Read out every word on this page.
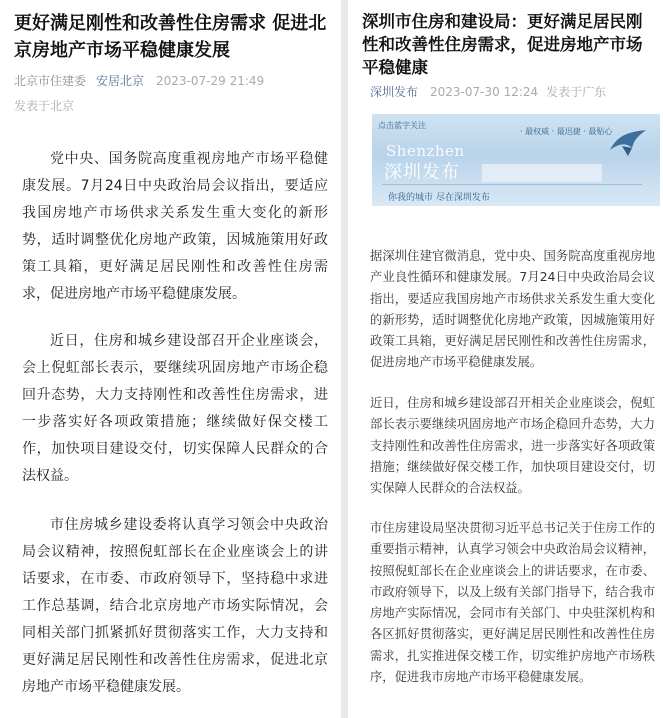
更好满足刚性和改善性住房需求 促进北京房地产市场平稳健康发展
北京市住建委 安居北京 2023-07-29 21:49
发表于北京
党中央、国务院高度重视房地产市场平稳健康发展。7月24日中央政治局会议指出，要适应我国房地产市场供求关系发生重大变化的新形势，适时调整优化房地产政策，因城施策用好政策工具箱，更好满足居民刚性和改善性住房需求，促进房地产市场平稳健康发展。
近日，住房和城乡建设部召开企业座谈会，会上倪虹部长表示，要继续巩固房地产市场企稳回升态势，大力支持刚性和改善性住房需求，进一步落实好各项政策措施；继续做好保交楼工作，加快项目建设交付，切实保障人民群众的合法权益。
市住房城乡建设委将认真学习领会中央政治局会议精神，按照倪虹部长在企业座谈会上的讲话要求，在市委、市政府领导下，坚持稳中求进工作总基调，结合北京房地产市场实际情况，会同相关部门抓紧抓好贯彻落实工作，大力支持和更好满足居民刚性和改善性住房需求，促进北京房地产市场平稳健康发展。
深圳市住房和建设局：更好满足居民刚性和改善性住房需求，促进房地产市场平稳健康
深圳发布 2023-07-30 12:24 发表于广东
点击蓝字关注
· 最权威 · 最迅捷 · 最贴心
Shenzhen
深圳发布
你我的城市 尽在深圳发布
据深圳住建官微消息，党中央、国务院高度重视房地产业良性循环和健康发展。7月24日中央政治局会议指出，要适应我国房地产市场供求关系发生重大变化的新形势，适时调整优化房地产政策，因城施策用好政策工具箱，更好满足居民刚性和改善性住房需求，促进房地产市场平稳健康发展。
近日，住房和城乡建设部召开相关企业座谈会，倪虹部长表示要继续巩固房地产市场企稳回升态势，大力支持刚性和改善性住房需求，进一步落实好各项政策措施；继续做好保交楼工作，加快项目建设交付，切实保障人民群众的合法权益。
市住房建设局坚决贯彻习近平总书记关于住房工作的重要指示精神，认真学习领会中央政治局会议精神，按照倪虹部长在企业座谈会上的讲话要求，在市委、市政府领导下，以及上级有关部门指导下，结合我市房地产实际情况，会同市有关部门、中央驻深机构和各区抓好贯彻落实，更好满足居民刚性和改善性住房需求，扎实推进保交楼工作，切实维护房地产市场秩序，促进我市房地产市场平稳健康发展。
